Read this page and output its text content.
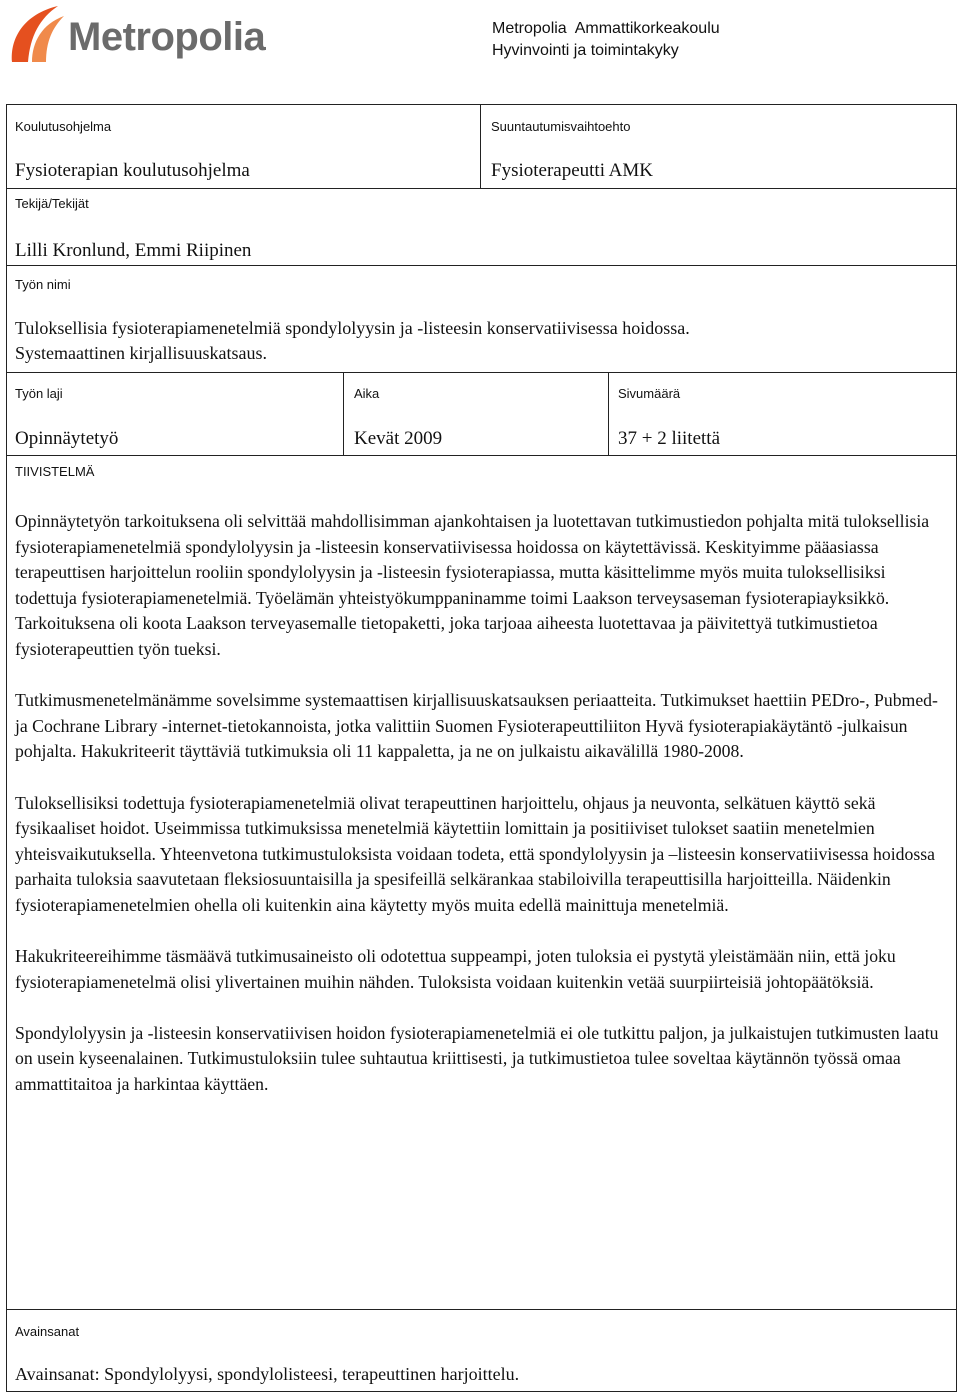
Metropolia	Metropolia  Ammattikorkeakoulu
Hyvinvointi ja toimintakyky
Koulutusohjelma
Fysioterapian koulutusohjelma
Suuntautumisvaihtoehto
Fysioterapeutti AMK
Tekijä/Tekijät
Lilli Kronlund, Emmi Riipinen
Työn nimi
Tuloksellisia fysioterapiamenetelmiä spondylolyysin ja -listeesin konservatiivisessa hoidossa.
Systemaattinen kirjallisuuskatsaus.
Työn laji
Opinnäytetyö
Aika
Kevät 2009
Sivumäärä
37 + 2 liitettä
TIIVISTELMÄ

Opinnäytetyön tarkoituksena oli selvittää mahdollisimman ajankohtaisen ja luotettavan tutkimustiedon pohjalta mitä tuloksellisia fysioterapiamenetelmiä spondylolyysin ja -listeesin konservatiivisessa hoidossa on käytettävissä. Keskityimme pääasiassa terapeuttisen harjoittelun rooliin spondylolyysin ja -listeesin fysioterapiassa, mutta käsittelimme myös muita tuloksellisiksi todettuja fysioterapiamenetelmiä. Työelämän yhteistyökumppaninamme toimi Laakson terveysaseman fysioterapiayksikkö. Tarkoituksena oli koota Laakson terveyasemalle tietopaketti, joka tarjoaa aiheesta luotettavaa ja päivitettyä tutkimustietoa fysioterapeuttien työn tueksi.

Tutkimusmenetelmänämme sovelsimme systemaattisen kirjallisuuskatsauksen periaatteita. Tutkimukset haettiin PEDro-, Pubmed- ja Cochrane Library -internet-tietokannoista, jotka valittiin Suomen Fysioterapeuttiliiton Hyvä fysioterapiakäytäntö -julkaisun pohjalta. Hakukriteerit täyttäviä tutkimuksia oli 11 kappaletta, ja ne on julkaistu aikavälillä 1980-2008.

Tuloksellisiksi todettuja fysioterapiamenetelmiä olivat terapeuttinen harjoittelu, ohjaus ja neuvonta, selkätuen käyttö sekä fysikaaliset hoidot. Useimmissa tutkimuksissa menetelmiä käytettiin lomittain ja positiiviset tulokset saatiin menetelmien yhteisvaikutuksella. Yhteenvetona tutkimustuloksista voidaan todeta, että spondylolyysin ja –listeesin konservatiivisessa hoidossa parhaita tuloksia saavutetaan fleksiosuuntaisilla ja spesifeillä selkärankaa stabiloivilla terapeuttisilla harjoitteilla. Näidenkin fysioterapiamenetelmien ohella oli kuitenkin aina käytetty myös muita edellä mainittuja menetelmiä.

Hakukriteereihimme täsmäävä tutkimusaineisto oli odotettua suppeampi, joten tuloksia ei pystytä yleistämään niin, että joku fysioterapiamenetelmä olisi ylivertainen muihin nähden. Tuloksista voidaan kuitenkin vetää suurpiirteisiä johtopäätöksiä.

Spondylolyysin ja -listeesin konservatiivisen hoidon fysioterapiamenetelmiä ei ole tutkittu paljon, ja julkaistujen tutkimusten laatu on usein kyseenalainen. Tutkimustuloksiin tulee suhtautua kriittisesti, ja tutkimustietoa tulee soveltaa käytännön työssä omaa ammattitaitoa ja harkintaa käyttäen.

Avainsanat
Avainsanat: Spondylolyysi, spondylolisteesi, terapeuttinen harjoittelu.
